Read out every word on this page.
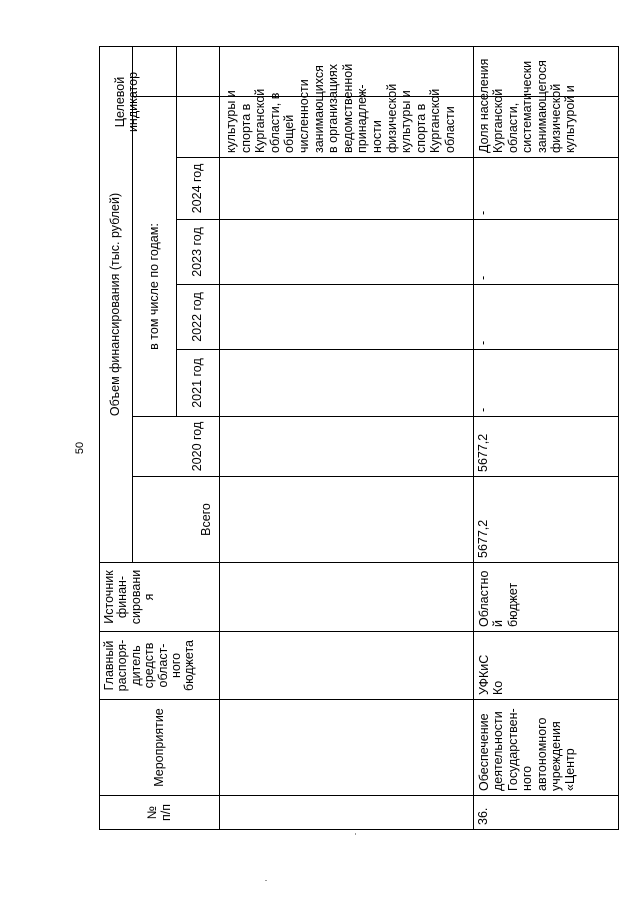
50
№
п/п
Мероприятие
Главный
распоря-
дитель
средств
област-
ного
бюджета
Источник
финан-
сирования
Объем финансирования (тыс. рублей)
Всего
в том числе по годам:
2020 год
2021 год
2022 год
2023 год
2024 год
Целевой
индикатор	культуры и
спорта в
Курганской
области, в
общей
численности
занимающихся
в организациях
ведомственной
принадлеж-
ности
физической
культуры и
спорта в
Курганской
области
36.
Обеспечение
деятельности
Государствен-
ного
автономного
учреждения
«Центр
УФКиС
Ко
Областной
бюджет
5677,2
5677,2
-
-
-
-
Доля населения
Курганской
области,
систематически
занимающегося
физической
культурой и
